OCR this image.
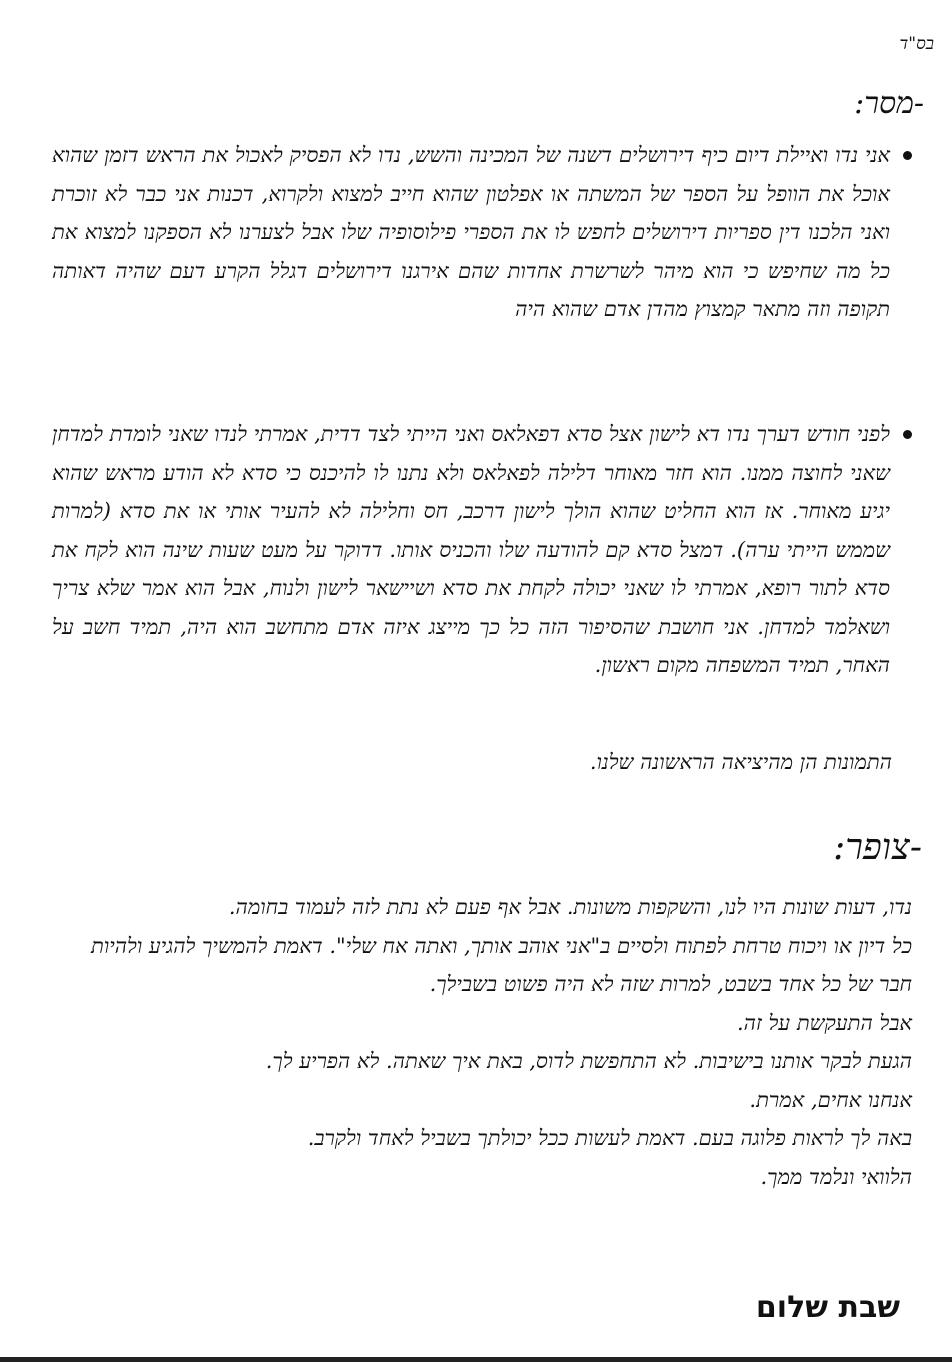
בס"ד
-מסר:
אני נדו ואיילת דיום כיף דירושלים דשנה של המכינה והשש, נדו לא הפסיק לאכול את הראש דזמן שהוא אוכל את הוופל על הספר של המשתה או אפלטון שהוא חייב למצוא ולקרוא, דכנות אני כבר לא זוכרת ואני הלכנו דין ספריות דירושלים לחפש לו את הספרי פילוסופיה שלו אבל לצערנו לא הספקנו למצוא את כל מה שחיפש כי הוא מיהר לשרשרת אחדות שהם אירגנו דירושלים דגלל הקרע דעם שהיה דאותה תקופה וזה מתאר קמצוץ מהדן אדם שהוא היה
לפני חודש דערך נדו דא לישון אצל סדא דפאלאס ואני הייתי לצד דדית, אמרתי לנדו שאני לומדת למדחן שאני לחוצה ממנו. הוא חזר מאוחר דלילה לפאלאס ולא נתנו לו להיכנס כי סדא לא הודע מראש שהוא יגיע מאוחר. אז הוא החליט שהוא הולך לישון דרכב, חס וחלילה לא להעיר אותי או את סדא (למרות שממש הייתי ערה). דמצל סדא קם להודעה שלו והכניס אותו. דדוקר על מעט שעות שינה הוא לקח את סדא לתור רופא, אמרתי לו שאני יכולה לקחת את סדא ושיישאר לישון ולנוח, אבל הוא אמר שלא צריך ושאלמד למדחן. אני חושבת שהסיפור הזה כל כך מייצג איזה אדם מתחשב הוא היה, תמיד חשב על האחר, תמיד המשפחה מקום ראשון.
התמונות הן מהיציאה הראשונה שלנו.
-צופר:

נדו, דעות שונות היו לנו, והשקפות משונות. אבל אף פעם לא נתת לזה לעמוד בחומה.

כל דיון או ויכוח טרחת לפתוח ולסיים ב"אני אוהב אותך, ואתה אח שלי". דאמת להמשיך להגיע ולהיות חבר של כל אחד בשבט, למרות שזה לא היה פשוט בשבילך.

אבל התעקשת על זה.

הגעת לבקר אותנו בישיבות. לא התחפשת לדוס, באת איך שאתה. לא הפריע לך.

אנחנו אחים, אמרת.

באה לך לראות פלוגה בעם. דאמת לעשות ככל יכולתך בשביל לאחד ולקרב.

הלוואי ונלמד ממך.

שבת שלום
